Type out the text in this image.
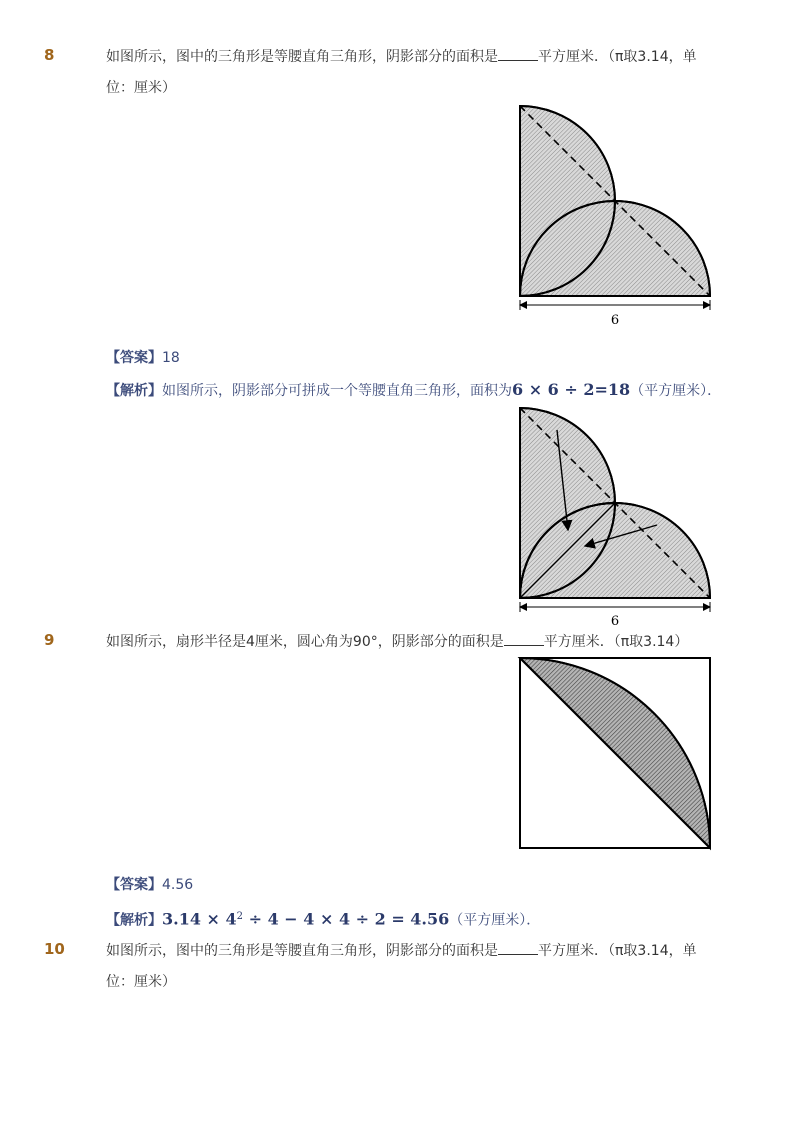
8	如图所示，图中的三角形是等腰直角三角形，阴影部分的面积是	平方厘米．（π取3.14，单
位：厘米）
6
【答案】18
【解析】如图所示，阴影部分可拼成一个等腰直角三角形，面积为6 × 6 ÷ 2=18（平方厘米）．
6
9	如图所示，扇形半径是4厘米，圆心角为90°，阴影部分的面积是	平方厘米．（π取3.14）
【答案】4.56
【解析】$3.14 \times 4^2 \div 4 - 4 \times 4 \div 2 = 4.56$（平方厘米）．
10	如图所示，图中的三角形是等腰直角三角形，阴影部分的面积是	平方厘米．（π取3.14，单
位：厘米）
